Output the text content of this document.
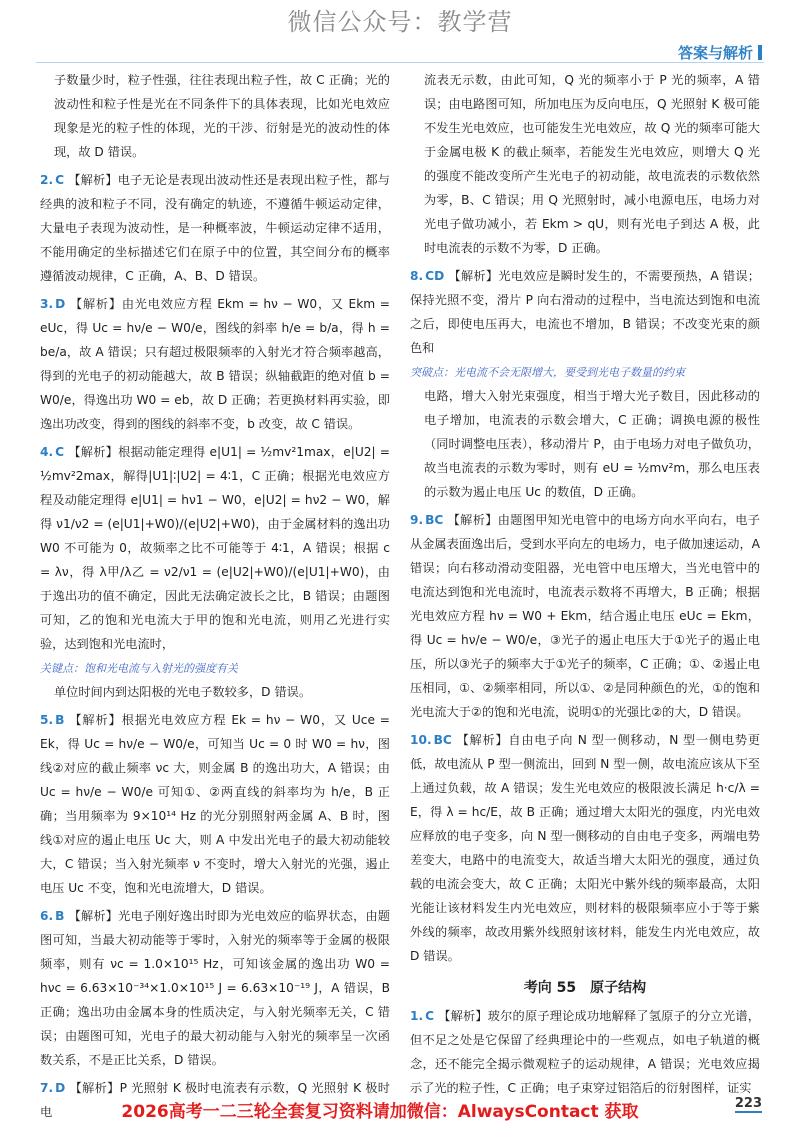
微信公众号：教学营
答案与解析
子数量少时，粒子性强，往往表现出粒子性，故 C 正确；光的波动性和粒子性是光在不同条件下的具体表现，比如光电效应现象是光的粒子性的体现，光的干涉、衍射是光的波动性的体现，故 D 错误。
2. C 【解析】电子无论是表现出波动性还是表现出粒子性，都与经典的波和粒子不同，没有确定的轨迹，不遵循牛顿运动定律，大量电子表现为波动性，是一种概率波，牛顿运动定律不适用，不能用确定的坐标描述它们在原子中的位置，其空间分布的概率遵循波动规律，C 正确，A、B、D 错误。
3. D 【解析】由光电效应方程 Ekm = hν − W0，又 Ekm = eUc，得 Uc = hν/e − W0/e，图线的斜率 h/e = b/a，得 h = be/a，故 A 错误；只有超过极限频率的入射光才符合频率越高，得到的光电子的初动能越大，故 B 错误；纵轴截距的绝对值 b = W0/e，得逸出功 W0 = eb，故 D 正确；若更换材料再实验，即逸出功改变，得到的图线的斜率不变，b 改变，故 C 错误。
4. C 【解析】根据动能定理得 e|U1| = ½mv²1max，e|U2| = ½mv²2max，解得|U1|∶|U2| = 4∶1，C 正确；根据光电效应方程及动能定理得 e|U1| = hν1 − W0，e|U2| = hν2 − W0，解得 ν1/ν2 = (e|U1|+W0)/(e|U2|+W0)，由于金属材料的逸出功 W0 不可能为 0，故频率之比不可能等于 4∶1，A 错误；根据 c = λν，得 λ甲/λ乙 = ν2/ν1 = (e|U2|+W0)/(e|U1|+W0)，由于逸出功的值不确定，因此无法确定波长之比，B 错误；由题图可知，乙的饱和光电流大于甲的饱和光电流，则用乙光进行实验，达到饱和光电流时，
关键点：饱和光电流与入射光的强度有关
单位时间内到达阳极的光电子数较多，D 错误。
5. B 【解析】根据光电效应方程 Ek = hν − W0，又 Uce = Ek，得 Uc = hν/e − W0/e，可知当 Uc = 0 时 W0 = hν，图线②对应的截止频率 νc 大，则金属 B 的逸出功大，A 错误；由 Uc = hν/e − W0/e 可知①、②两直线的斜率均为 h/e，B 正确；当用频率为 9×10¹⁴ Hz 的光分别照射两金属 A、B 时，图线①对应的遏止电压 Uc 大，则 A 中发出光电子的最大初动能较大，C 错误；当入射光频率 ν 不变时，增大入射光的光强，遏止电压 Uc 不变，饱和光电流增大，D 错误。
6. B 【解析】光电子刚好逸出时即为光电效应的临界状态，由题图可知，当最大初动能等于零时，入射光的频率等于金属的极限频率，则有 νc = 1.0×10¹⁵ Hz，可知该金属的逸出功 W0 = hνc = 6.63×10⁻³⁴×1.0×10¹⁵ J = 6.63×10⁻¹⁹ J，A 错误，B 正确；逸出功由金属本身的性质决定，与入射光频率无关，C 错误；由题图可知，光电子的最大初动能与入射光的频率呈一次函数关系，不是正比关系，D 错误。
7. D 【解析】P 光照射 K 极时电流表有示数，Q 光照射 K 极时电
流表无示数，由此可知，Q 光的频率小于 P 光的频率，A 错误；由电路图可知，所加电压为反向电压，Q 光照射 K 极可能不发生光电效应，也可能发生光电效应，故 Q 光的频率可能大于金属电极 K 的截止频率，若能发生光电效应，则增大 Q 光的强度不能改变所产生光电子的初动能，故电流表的示数依然为零，B、C 错误；用 Q 光照射时，减小电源电压，电场力对光电子做功减小，若 Ekm > qU，则有光电子到达 A 极，此时电流表的示数不为零，D 正确。
8. CD 【解析】光电效应是瞬时发生的，不需要预热，A 错误；保持光照不变，滑片 P 向右滑动的过程中，当电流达到饱和电流之后，即使电压再大，电流也不增加，B 错误；不改变光束的颜色和
突破点：光电流不会无限增大，要受到光电子数量的约束
电路，增大入射光束强度，相当于增大光子数目，因此移动的电子增加，电流表的示数会增大，C 正确；调换电源的极性（同时调整电压表），移动滑片 P，由于电场力对电子做负功，故当电流表的示数为零时，则有 eU = ½mv²m，那么电压表的示数为遏止电压 Uc 的数值，D 正确。
9. BC 【解析】由题图甲知光电管中的电场方向水平向右，电子从金属表面逸出后，受到水平向左的电场力，电子做加速运动，A 错误；向右移动滑动变阻器，光电管中电压增大，当光电管中的电流达到饱和光电流时，电流表示数将不再增大，B 正确；根据光电效应方程 hν = W0 + Ekm，结合遏止电压 eUc = Ekm，得 Uc = hν/e − W0/e，③光子的遏止电压大于①光子的遏止电压，所以③光子的频率大于①光子的频率，C 正确；①、②遏止电压相同，①、②频率相同，所以①、②是同种颜色的光，①的饱和光电流大于②的饱和光电流，说明①的光强比②的大，D 错误。
10. BC 【解析】自由电子向 N 型一侧移动，N 型一侧电势更低，故电流从 P 型一侧流出，回到 N 型一侧，故电流应该从下至上通过负载，故 A 错误；发生光电效应的极限波长满足 h·c/λ = E，得 λ = hc/E，故 B 正确；通过增大太阳光的强度，内光电效应释放的电子变多，向 N 型一侧移动的自由电子变多，两端电势差变大，电路中的电流变大，故适当增大太阳光的强度，通过负载的电流会变大，故 C 正确；太阳光中紫外线的频率最高，太阳光能让该材料发生内光电效应，则材料的极限频率应小于等于紫外线的频率，故改用紫外线照射该材料，能发生内光电效应，故 D 错误。
考向 55　原子结构
1. C 【解析】玻尔的原子理论成功地解释了氢原子的分立光谱，但不足之处是它保留了经典理论中的一些观点，如电子轨道的概念，还不能完全揭示微观粒子的运动规律，A 错误；光电效应揭示了光的粒子性，C 正确；电子束穿过铝箔后的衍射图样，证实
2026高考一二三轮全套复习资料请加微信：AlwaysContact 获取	223
